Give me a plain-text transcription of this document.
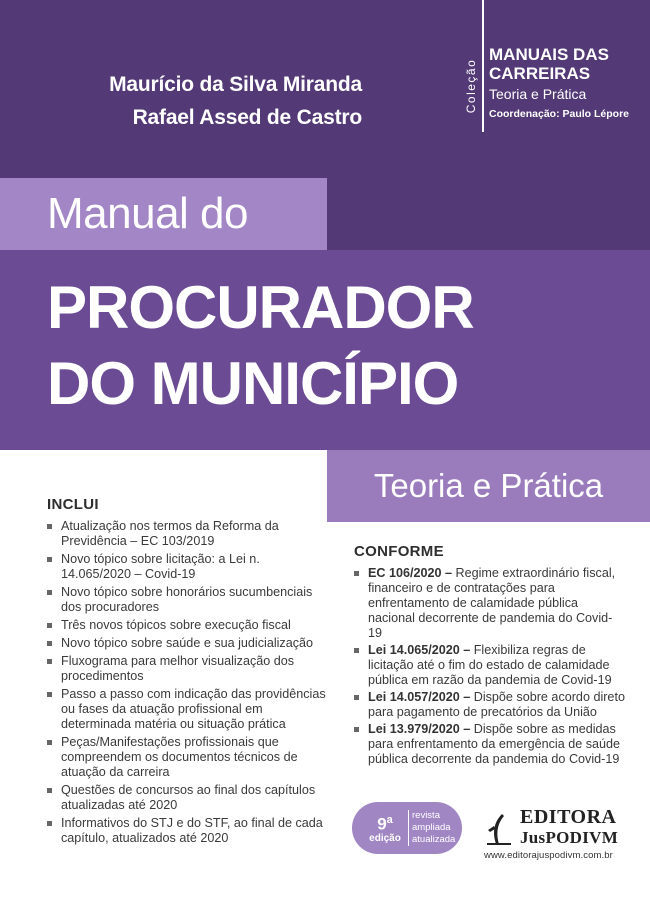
Maurício da Silva Miranda
Rafael Assed de Castro
Coleção
MANUAIS DAS
CARREIRAS
Teoria e Prática
Coordenação: Paulo Lépore
Manual do
PROCURADOR
DO MUNICÍPIO
Teoria e Prática
INCLUI
Atualização nos termos da Reforma da Previdência – EC 103/2019
Novo tópico sobre licitação: a Lei n. 14.065/2020 – Covid-19
Novo tópico sobre honorários sucumbenciais dos procuradores
Três novos tópicos sobre execução fiscal
Novo tópico sobre saúde e sua judicialização
Fluxograma para melhor visualização dos procedimentos
Passo a passo com indicação das providências ou fases da atuação profissional em determinada matéria ou situação prática
Peças/Manifestações profissionais que compreendem os documentos técnicos de atuação da carreira
Questões de concursos ao final dos capítulos atualizadas até 2020
Informativos do STJ e do STF, ao final de cada capítulo, atualizados até 2020
CONFORME
EC 106/2020 – Regime extraordinário fiscal, financeiro e de contratações para enfrentamento de calamidade pública nacional decorrente de pandemia do Covid-19
Lei 14.065/2020 – Flexibiliza regras de licitação até o fim do estado de calamidade pública em razão da pandemia de Covid-19
Lei 14.057/2020 – Dispõe sobre acordo direto para pagamento de precatórios da União
Lei 13.979/2020 – Dispõe sobre as medidas para enfrentamento da emergência de saúde pública decorrente da pandemia do Covid-19
9$^a$
edição
revista
ampliada
atualizada
EDITORA
JusPODIVM
www.editorajuspodivm.com.br
